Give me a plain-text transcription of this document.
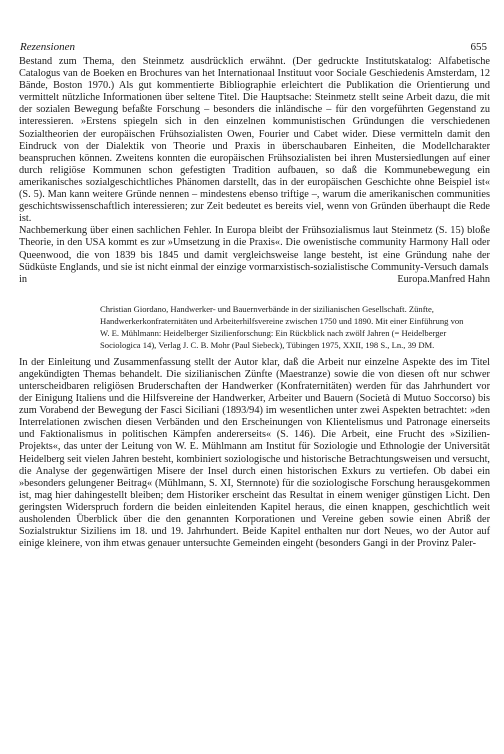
Rezensionen	655

Bestand zum Thema, den Steinmetz ausdrücklich erwähnt. (Der gedruckte Institutskatalog: Alfabetische Catalogus van de Boeken en Brochures van het Internationaal Instituut voor Sociale Geschiedenis Amsterdam, 12 Bände, Boston 1970.) Als gut kommentierte Bibliographie erleichtert die Publikation die Orientierung und vermittelt nützliche Informationen über seltene Titel. Die Hauptsache: Steinmetz stellt seine Arbeit dazu, die mit der sozialen Bewegung befaßte Forschung – besonders die inländische – für den vorgeführten Gegenstand zu interessieren. »Erstens spiegeln sich in den einzelnen kommunistischen Gründungen die verschiedenen Sozialtheorien der europäischen Frühsozialisten Owen, Fourier und Cabet wider. Diese vermitteln damit den Eindruck von der Dialektik von Theorie und Praxis in überschaubaren Einheiten, die Modellcharakter beanspruchen können. Zweitens konnten die europäischen Frühsozialisten bei ihren Mustersiedlungen auf einer durch religiöse Kommunen schon gefestigten Tradition aufbauen, so daß die Kommunebewegung ein amerikanisches sozialgeschichtliches Phänomen darstellt, das in der europäischen Geschichte ohne Beispiel ist« (S. 5). Man kann weitere Gründe nennen – mindestens ebenso triftige –, warum die amerikanischen communities geschichtswissenschaftlich interessieren; zur Zeit bedeutet es bereits viel, wenn von Gründen überhaupt die Rede ist.

Nachbemerkung über einen sachlichen Fehler. In Europa bleibt der Frühsozialismus laut Steinmetz (S. 15) bloße Theorie, in den USA kommt es zur »Umsetzung in die Praxis«. Die owenistische community Harmony Hall oder Queenwood, die von 1839 bis 1845 und damit vergleichsweise lange besteht, ist eine Gründung nahe der Südküste Englands, und sie ist nicht einmal der einzige vormarxistisch-sozialistische Community-Versuch damals

in Europa. Manfred Hahn

Christian Giordano, Handwerker- und Bauernverbände in der sizilianischen Gesellschaft. Zünfte, Handwerkerkonfraternitäten und Arbeiterhilfsvereine zwischen 1750 und 1890. Mit einer Einführung von W. E. Mühlmann: Heidelberger Sizilienforschung: Ein Rückblick nach zwölf Jahren (= Heidelberger Sociologica 14), Verlag J. C. B. Mohr (Paul Siebeck), Tübingen 1975, XXII, 198 S., Ln., 39 DM.

In der Einleitung und Zusammenfassung stellt der Autor klar, daß die Arbeit nur einzelne Aspekte des im Titel angekündigten Themas behandelt. Die sizilianischen Zünfte (Maestranze) sowie die von diesen oft nur schwer unterscheidbaren religiösen Bruderschaften der Handwerker (Konfraternitäten) werden für das Jahrhundert vor der Einigung Italiens und die Hilfsvereine der Handwerker, Arbeiter und Bauern (Società di Mutuo Soccorso) bis zum Vorabend der Bewegung der Fasci Siciliani (1893/94) im wesentlichen unter zwei Aspekten betrachtet: »den Interrelationen zwischen diesen Verbänden und den Erscheinungen von Klientelismus und Patronage einerseits und Faktionalismus in politischen Kämpfen andererseits« (S. 146). Die Arbeit, eine Frucht des »Sizilien-Projekts«, das unter der Leitung von W. E. Mühlmann am Institut für Soziologie und Ethnologie der Universität Heidelberg seit vielen Jahren besteht, kombiniert soziologische und historische Betrachtungsweisen und versucht, die Analyse der gegenwärtigen Misere der Insel durch einen historischen Exkurs zu vertiefen. Ob dabei ein »besonders gelungener Beitrag« (Mühlmann, S. XI, Sternnote) für die soziologische Forschung herausgekommen ist, mag hier dahingestellt bleiben; dem Historiker erscheint das Resultat in einem weniger günstigen Licht. Den geringsten Widerspruch fordern die beiden einleitenden Kapitel heraus, die einen knappen, geschichtlich weit ausholenden Überblick über die den genannten Korporationen und Vereine geben sowie einen Abriß der Sozialstruktur Siziliens im 18. und 19. Jahrhundert. Beide Kapitel enthalten nur dort Neues, wo der Autor auf einige kleinere, von ihm etwas genauer untersuchte Gemeinden eingeht (besonders Gangi in der Provinz Paler-
